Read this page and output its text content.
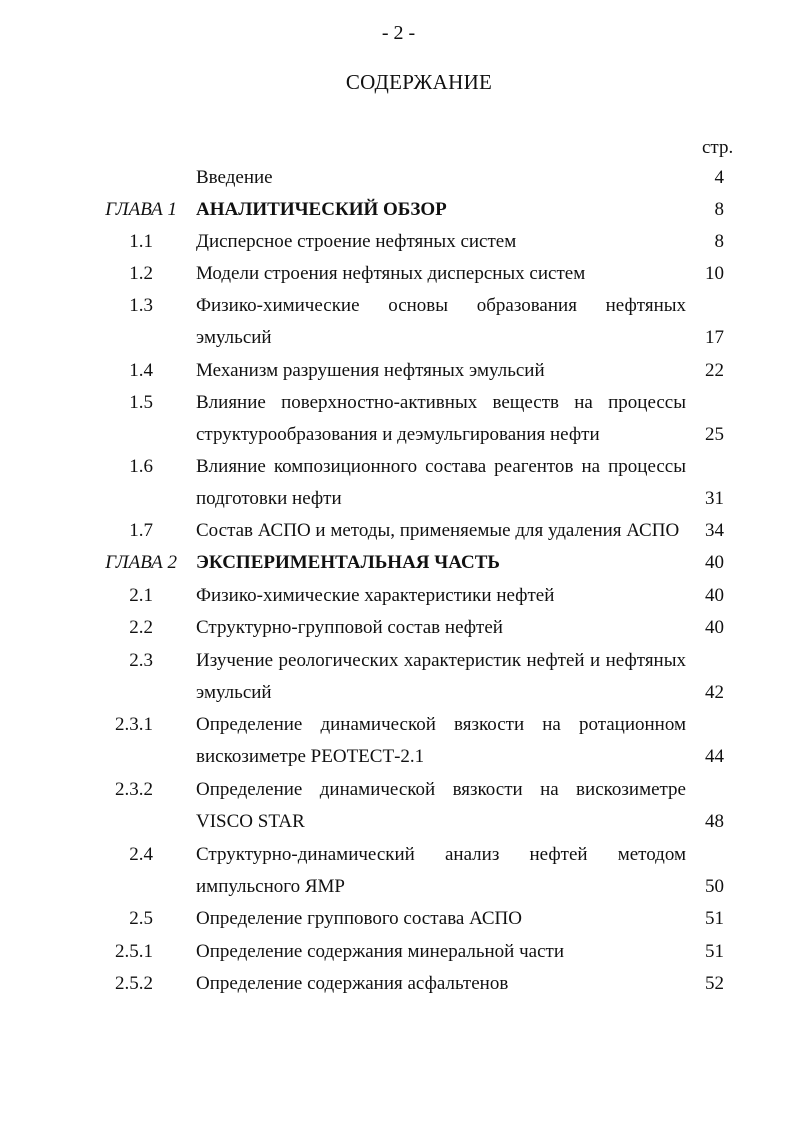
- 2 -
СОДЕРЖАНИЕ
стр.
Введение	4
ГЛАВА 1 АНАЛИТИЧЕСКИЙ ОБЗОР	8
1.1 Дисперсное строение нефтяных систем	8
1.2 Модели строения нефтяных дисперсных систем	10
1.3 Физико-химические основы образования нефтяных
эмульсий	17
1.4 Механизм разрушения нефтяных эмульсий	22
1.5 Влияние поверхностно-активных веществ на процессы
структурообразования и деэмульгирования нефти	25
1.6 Влияние композиционного состава реагентов на процессы
подготовки нефти	31
1.7 Состав АСПО и методы, применяемые для удаления АСПО	34
ГЛАВА 2 ЭКСПЕРИМЕНТАЛЬНАЯ ЧАСТЬ	40
2.1 Физико-химические характеристики нефтей	40
2.2 Структурно-групповой состав нефтей	40
2.3 Изучение реологических характеристик нефтей и нефтяных
эмульсий	42
2.3.1 Определение динамической вязкости на ротационном
вискозиметре РЕОТЕСТ-2.1	44
2.3.2 Определение динамической вязкости на вискозиметре
VISCO STAR	48
2.4 Структурно-динамический анализ нефтей методом
импульсного ЯМР	50
2.5 Определение группового состава АСПО	51
2.5.1 Определение содержания минеральной части	51
2.5.2 Определение содержания асфальтенов	52
